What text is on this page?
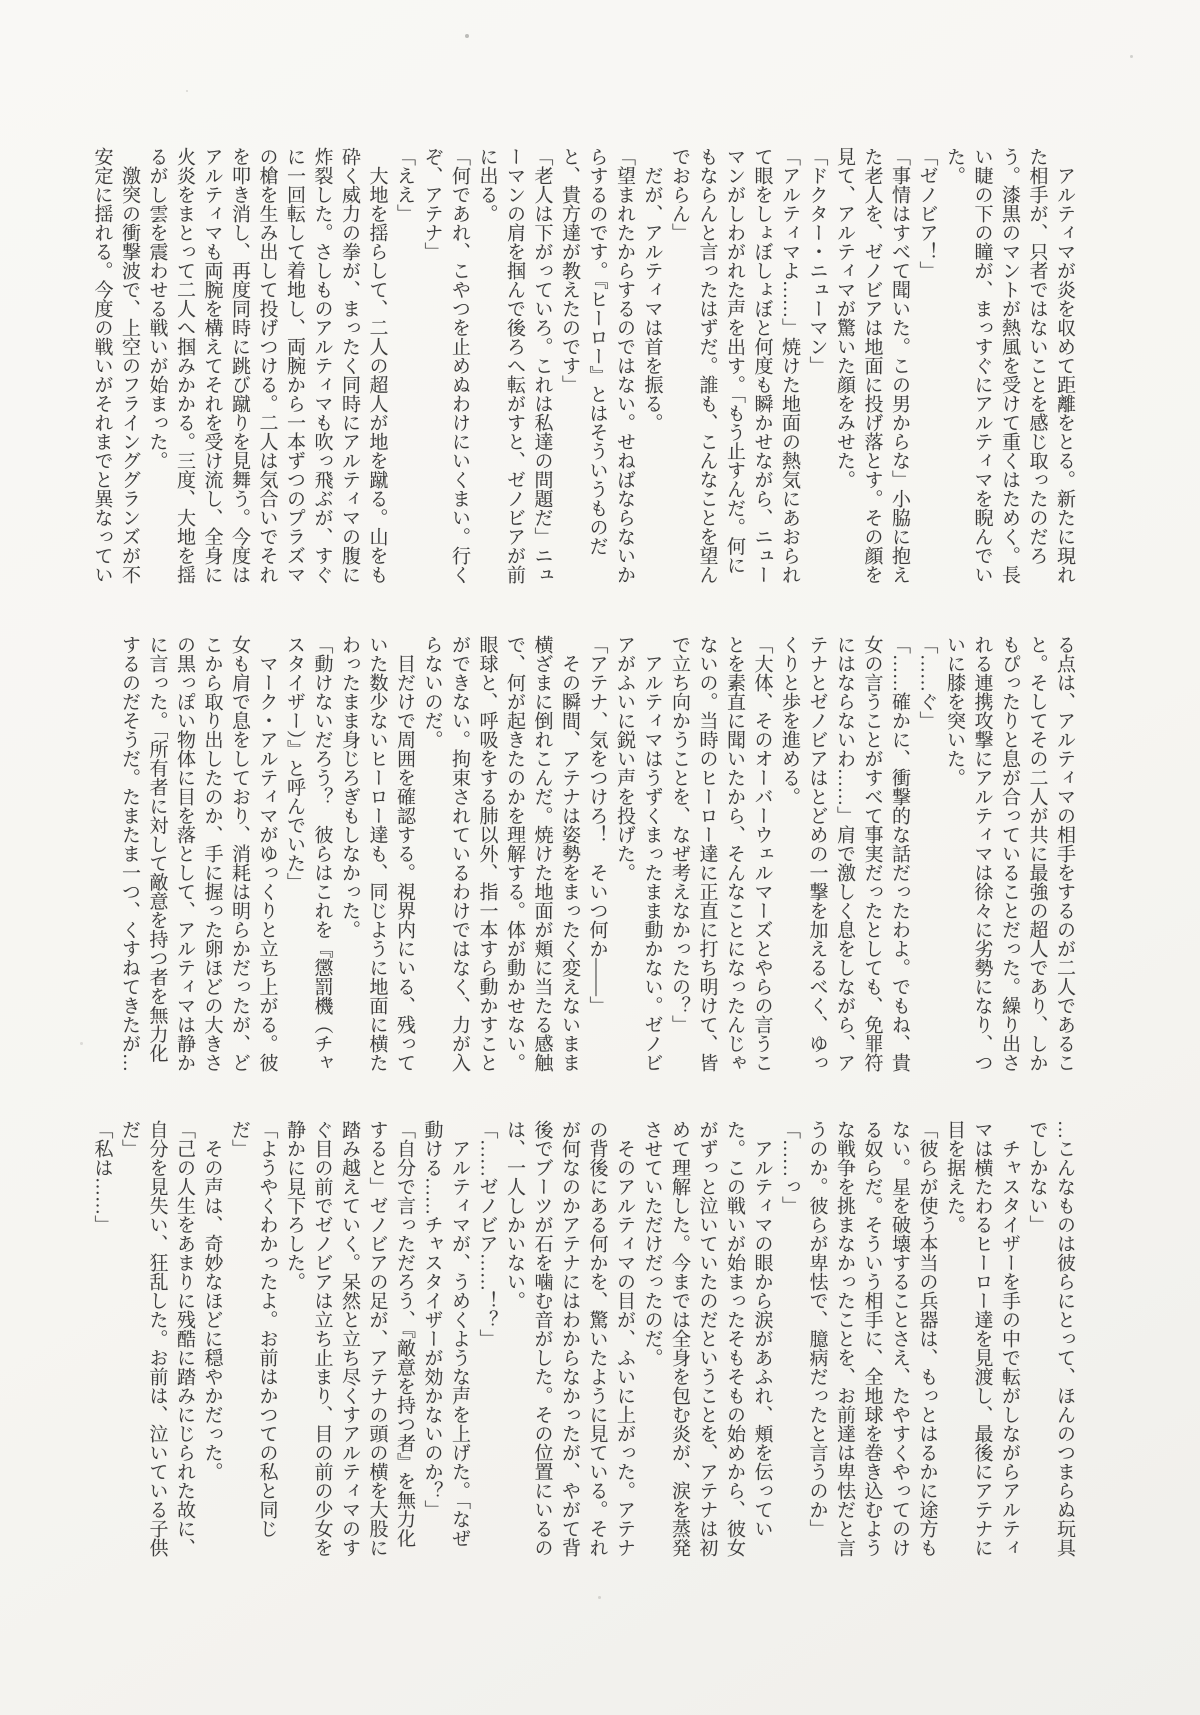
アルティマが炎を収めて距離をとる。新たに現れた相手が、只者ではないことを感じ取ったのだろう。漆黒のマントが熱風を受けて重くはためく。長い睫の下の瞳が、まっすぐにアルティマを睨んでいた。

「ゼノビア！」

「事情はすべて聞いた。この男からな」小脇に抱えた老人を、ゼノビアは地面に投げ落とす。その顔を見て、アルティマが驚いた顔をみせた。

「ドクター・ニューマン」

「アルティマよ……」焼けた地面の熱気にあおられて眼をしょぼしょぼと何度も瞬かせながら、ニューマンがしわがれた声を出す。「もう止すんだ。何にもならんと言ったはずだ。誰も、こんなことを望んでおらん」

だが、アルティマは首を振る。

「望まれたからするのではない。せねばならないからするのです。『ヒーロー』とはそういうものだと、貴方達が教えたのです」

「老人は下がっていろ。これは私達の問題だ」ニューマンの肩を掴んで後ろへ転がすと、ゼノビアが前に出る。

「何であれ、こやつを止めぬわけにいくまい。行くぞ、アテナ」

「ええ」

大地を揺らして、二人の超人が地を蹴る。山をも砕く威力の拳が、まったく同時にアルティマの腹に炸裂した。さしものアルティマも吹っ飛ぶが、すぐに一回転して着地し、両腕から一本ずつのプラズマの槍を生み出して投げつける。二人は気合いでそれを叩き消し、再度同時に跳び蹴りを見舞う。今度はアルティマも両腕を構えてそれを受け流し、全身に火炎をまとって二人へ掴みかかる。三度、大地を揺るがし雲を震わせる戦いが始まった。

激突の衝撃波で、上空のフラインググランズが不安定に揺れる。今度の戦いがそれまでと異なってい

る点は、アルティマの相手をするのが二人であること。そしてその二人が共に最強の超人であり、しかもぴったりと息が合っていることだった。繰り出される連携攻撃にアルティマは徐々に劣勢になり、ついに膝を突いた。

「……ぐ」

「……確かに、衝撃的な話だったわよ。でもね、貴女の言うことがすべて事実だったとしても、免罪符にはならないわ……」肩で激しく息をしながら、アテナとゼノビアはとどめの一撃を加えるべく、ゆっくりと歩を進める。

「大体、そのオーバーウェルマーズとやらの言うことを素直に聞いたから、そんなことになったんじゃないの。当時のヒーロー達に正直に打ち明けて、皆で立ち向かうことを、なぜ考えなかったの？」

アルティマはうずくまったまま動かない。ゼノビアがふいに鋭い声を投げた。

「アテナ、気をつけろ！　そいつ何か——」

その瞬間、アテナは姿勢をまったく変えないまま横ざまに倒れこんだ。焼けた地面が頬に当たる感触で、何が起きたのかを理解する。体が動かせない。眼球と、呼吸をする肺以外、指一本すら動かすことができない。拘束されているわけではなく、力が入らないのだ。

目だけで周囲を確認する。視界内にいる、残っていた数少ないヒーロー達も、同じように地面に横たわったまま身じろぎもしなかった。

「動けないだろう？　彼らはこれを『懲罰機（チャスタイザー）』と呼んでいた」

マーク・アルティマがゆっくりと立ち上がる。彼女も肩で息をしており、消耗は明らかだったが、どこから取り出したのか、手に握った卵ほどの大きさの黒っぽい物体に目を落として、アルティマは静かに言った。「所有者に対して敵意を持つ者を無力化するのだそうだ。たまたま一つ、くすねてきたが…

…こんなものは彼らにとって、ほんのつまらぬ玩具でしかない」

チャスタイザーを手の中で転がしながらアルティマは横たわるヒーロー達を見渡し、最後にアテナに目を据えた。

「彼らが使う本当の兵器は、もっとはるかに途方もない。星を破壊することさえ、たやすくやってのける奴らだ。そういう相手に、全地球を巻き込むような戦争を挑まなかったことを、お前達は卑怯だと言うのか。彼らが卑怯で、臆病だったと言うのか」

「……っ」

アルティマの眼から涙があふれ、頬を伝っていた。この戦いが始まったそもそもの始めから、彼女がずっと泣いていたのだということを、アテナは初めて理解した。今までは全身を包む炎が、涙を蒸発させていただけだったのだ。

そのアルティマの目が、ふいに上がった。アテナの背後にある何かを、驚いたように見ている。それが何なのかアテナにはわからなかったが、やがて背後でブーツが石を噛む音がした。その位置にいるのは、一人しかいない。

「……ゼノビア……！？」

アルティマが、うめくような声を上げた。「なぜ動ける……チャスタイザーが効かないのか？」

「自分で言っただろう、『敵意を持つ者』を無力化すると」ゼノビアの足が、アテナの頭の横を大股に踏み越えていく。呆然と立ち尽くすアルティマのすぐ目の前でゼノビアは立ち止まり、目の前の少女を静かに見下ろした。

「ようやくわかったよ。お前はかつての私と同じだ」

その声は、奇妙なほどに穏やかだった。

「己の人生をあまりに残酷に踏みにじられた故に、自分を見失い、狂乱した。お前は、泣いている子供だ」

「私は……」
